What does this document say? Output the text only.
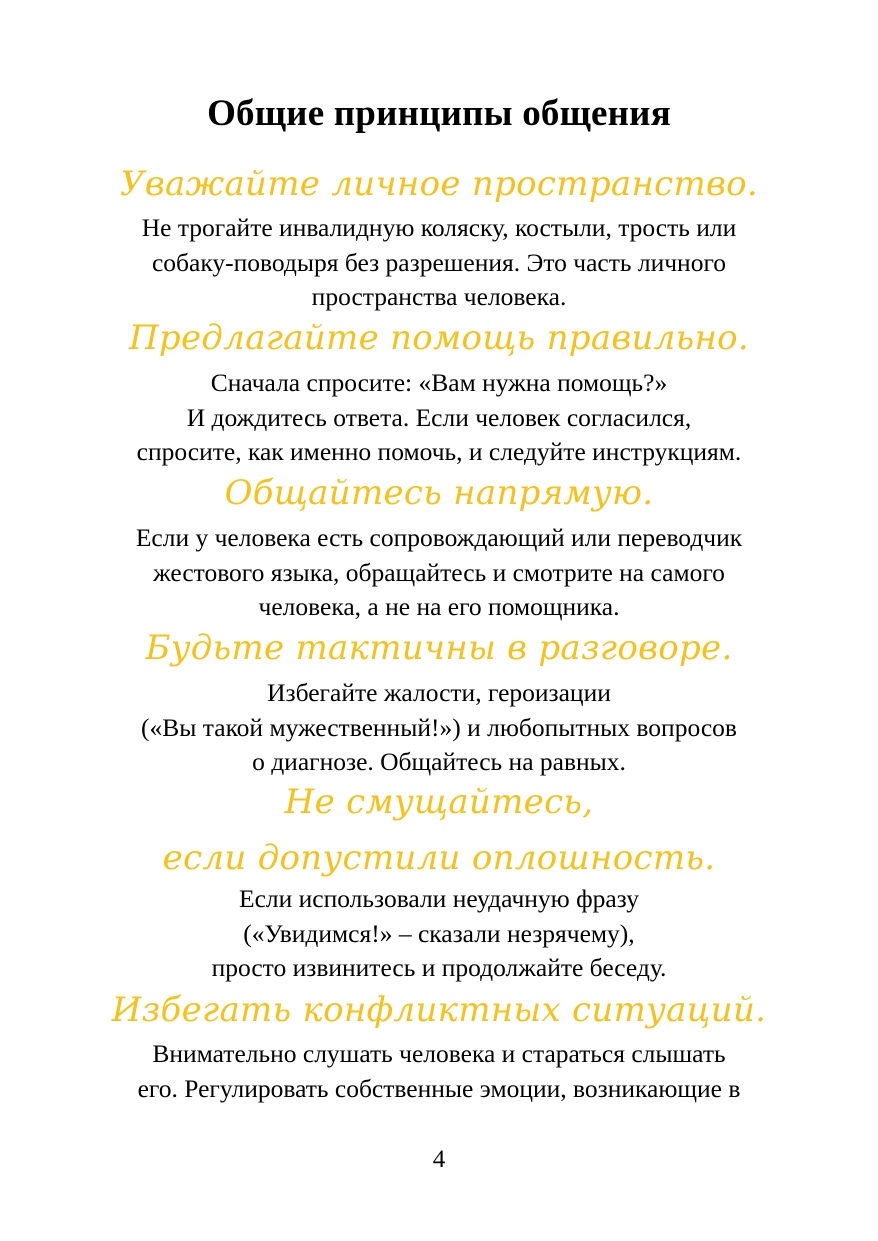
Общие принципы общения
Уважайте личное пространство.
Не трогайте инвалидную коляску, костыли, трость или
собаку-поводыря без разрешения. Это часть личного
пространства человека.
Предлагайте помощь правильно.
Сначала спросите: «Вам нужна помощь?»
И дождитесь ответа. Если человек согласился,
спросите, как именно помочь, и следуйте инструкциям.
Общайтесь напрямую.
Если у человека есть сопровождающий или переводчик
жестового языка, обращайтесь и смотрите на самого
человека, а не на его помощника.
Будьте тактичны в разговоре.
Избегайте жалости, героизации
(«Вы такой мужественный!») и любопытных вопросов
о диагнозе. Общайтесь на равных.
Не смущайтесь,
если допустили оплошность.
Если использовали неудачную фразу
(«Увидимся!» – сказали незрячему),
просто извинитесь и продолжайте беседу.
Избегать конфликтных ситуаций.
Внимательно слушать человека и стараться слышать
его. Регулировать собственные эмоции, возникающие в
4
